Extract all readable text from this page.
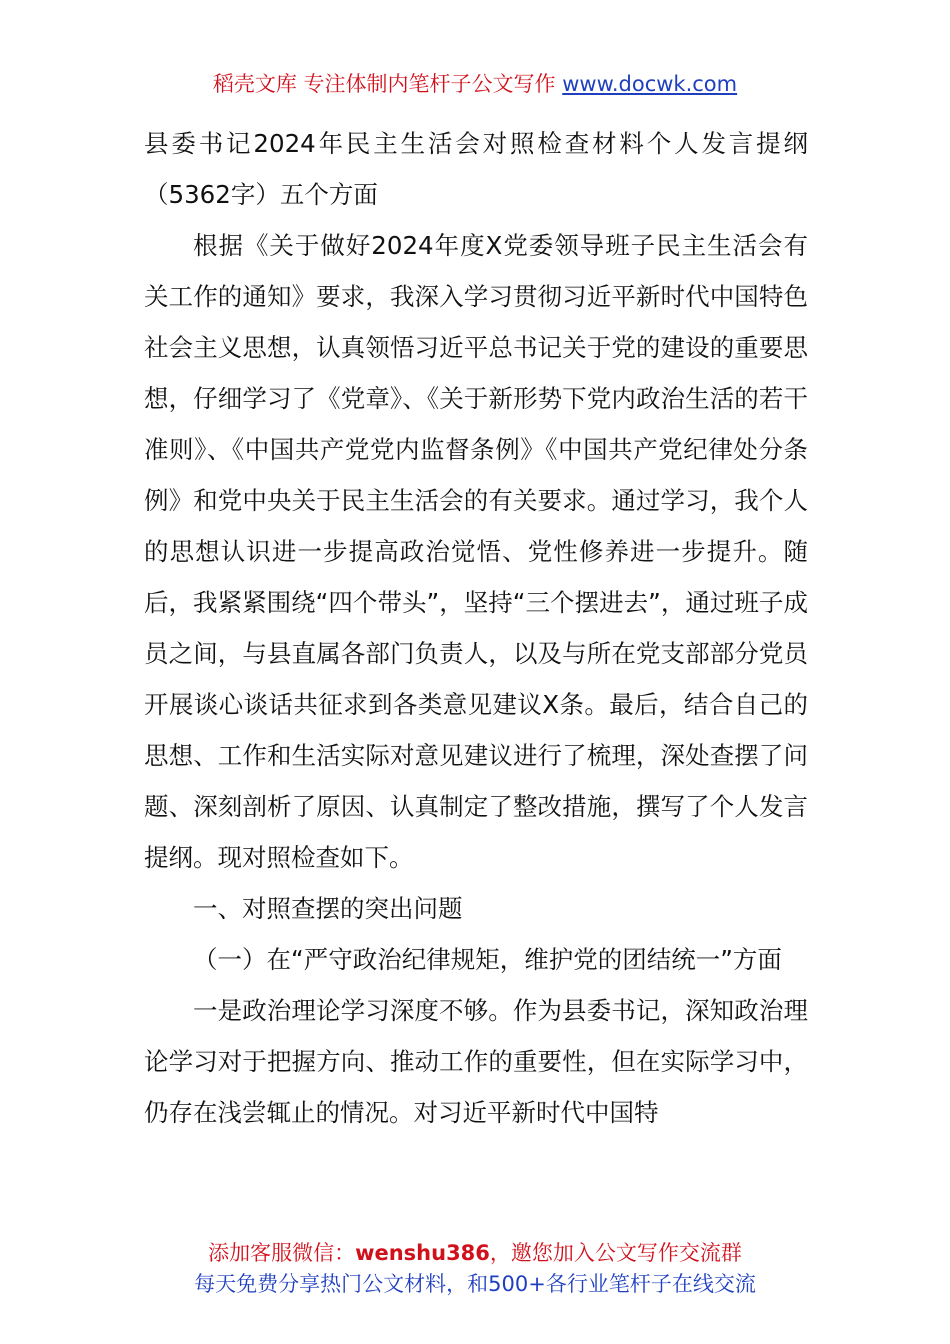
稻壳文库 专注体制内笔杆子公文写作 www.docwk.com

县委书记2024年民主生活会对照检查材料个人发言提纲（5362字）五个方面

根据《关于做好2024年度X党委领导班子民主生活会有关工作的通知》要求，我深入学习贯彻习近平新时代中国特色社会主义思想，认真领悟习近平总书记关于党的建设的重要思想，仔细学习了《党章》、《关于新形势下党内政治生活的若干准则》、《中国共产党党内监督条例》《中国共产党纪律处分条例》和党中央关于民主生活会的有关要求。通过学习，我个人的思想认识进一步提高政治觉悟、党性修养进一步提升。随后，我紧紧围绕“四个带头”，坚持“三个摆进去”，通过班子成员之间，与县直属各部门负责人，以及与所在党支部部分党员开展谈心谈话共征求到各类意见建议X条。最后，结合自己的思想、工作和生活实际对意见建议进行了梳理，深处查摆了问题、深刻剖析了原因、认真制定了整改措施，撰写了个人发言提纲。现对照检查如下。

一、对照查摆的突出问题

（一）在“严守政治纪律规矩，维护党的团结统一”方面

一是政治理论学习深度不够。作为县委书记，深知政治理论学习对于把握方向、推动工作的重要性，但在实际学习中，仍存在浅尝辄止的情况。对习近平新时代中国特

添加客服微信：wenshu386，邀您加入公文写作交流群
每天免费分享热门公文材料，和500+各行业笔杆子在线交流
